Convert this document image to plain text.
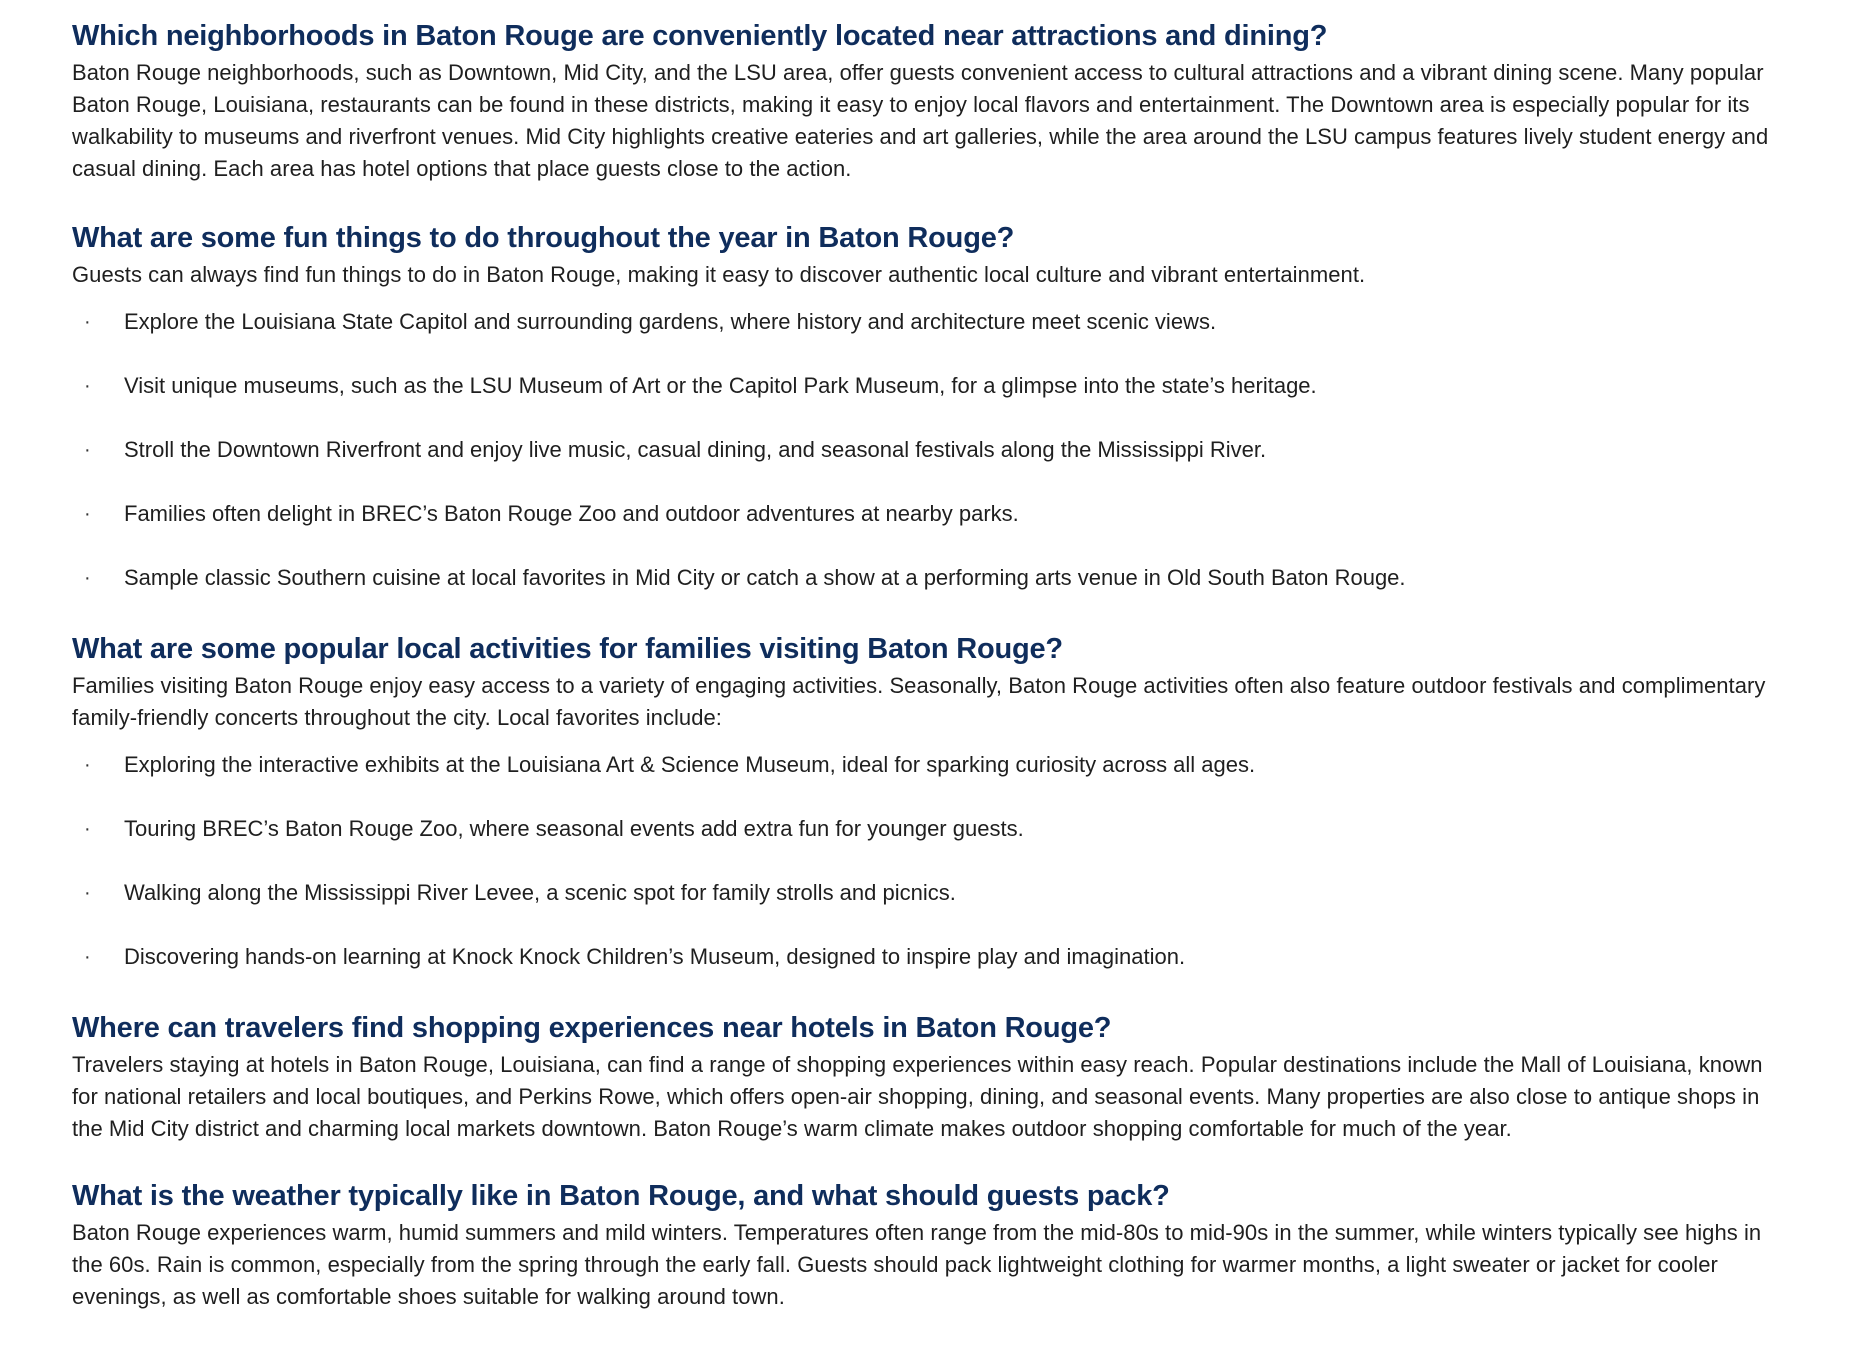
Which neighborhoods in Baton Rouge are conveniently located near attractions and dining?

Baton Rouge neighborhoods, such as Downtown, Mid City, and the LSU area, offer guests convenient access to cultural attractions and a vibrant dining scene. Many popular Baton Rouge, Louisiana, restaurants can be found in these districts, making it easy to enjoy local flavors and entertainment. The Downtown area is especially popular for its walkability to museums and riverfront venues. Mid City highlights creative eateries and art galleries, while the area around the LSU campus features lively student energy and casual dining. Each area has hotel options that place guests close to the action.

What are some fun things to do throughout the year in Baton Rouge?

Guests can always find fun things to do in Baton Rouge, making it easy to discover authentic local culture and vibrant entertainment.

· Explore the Louisiana State Capitol and surrounding gardens, where history and architecture meet scenic views.
· Visit unique museums, such as the LSU Museum of Art or the Capitol Park Museum, for a glimpse into the state’s heritage.
· Stroll the Downtown Riverfront and enjoy live music, casual dining, and seasonal festivals along the Mississippi River.
· Families often delight in BREC’s Baton Rouge Zoo and outdoor adventures at nearby parks.
· Sample classic Southern cuisine at local favorites in Mid City or catch a show at a performing arts venue in Old South Baton Rouge.
What are some popular local activities for families visiting Baton Rouge?

Families visiting Baton Rouge enjoy easy access to a variety of engaging activities. Seasonally, Baton Rouge activities often also feature outdoor festivals and complimentary family-friendly concerts throughout the city. Local favorites include:

· Exploring the interactive exhibits at the Louisiana Art & Science Museum, ideal for sparking curiosity across all ages.
· Touring BREC’s Baton Rouge Zoo, where seasonal events add extra fun for younger guests.
· Walking along the Mississippi River Levee, a scenic spot for family strolls and picnics.
· Discovering hands-on learning at Knock Knock Children’s Museum, designed to inspire play and imagination.
Where can travelers find shopping experiences near hotels in Baton Rouge?

Travelers staying at hotels in Baton Rouge, Louisiana, can find a range of shopping experiences within easy reach. Popular destinations include the Mall of Louisiana, known for national retailers and local boutiques, and Perkins Rowe, which offers open-air shopping, dining, and seasonal events. Many properties are also close to antique shops in the Mid City district and charming local markets downtown. Baton Rouge’s warm climate makes outdoor shopping comfortable for much of the year.

What is the weather typically like in Baton Rouge, and what should guests pack?

Baton Rouge experiences warm, humid summers and mild winters. Temperatures often range from the mid-80s to mid-90s in the summer, while winters typically see highs in the 60s. Rain is common, especially from the spring through the early fall. Guests should pack lightweight clothing for warmer months, a light sweater or jacket for cooler evenings, as well as comfortable shoes suitable for walking around town.
